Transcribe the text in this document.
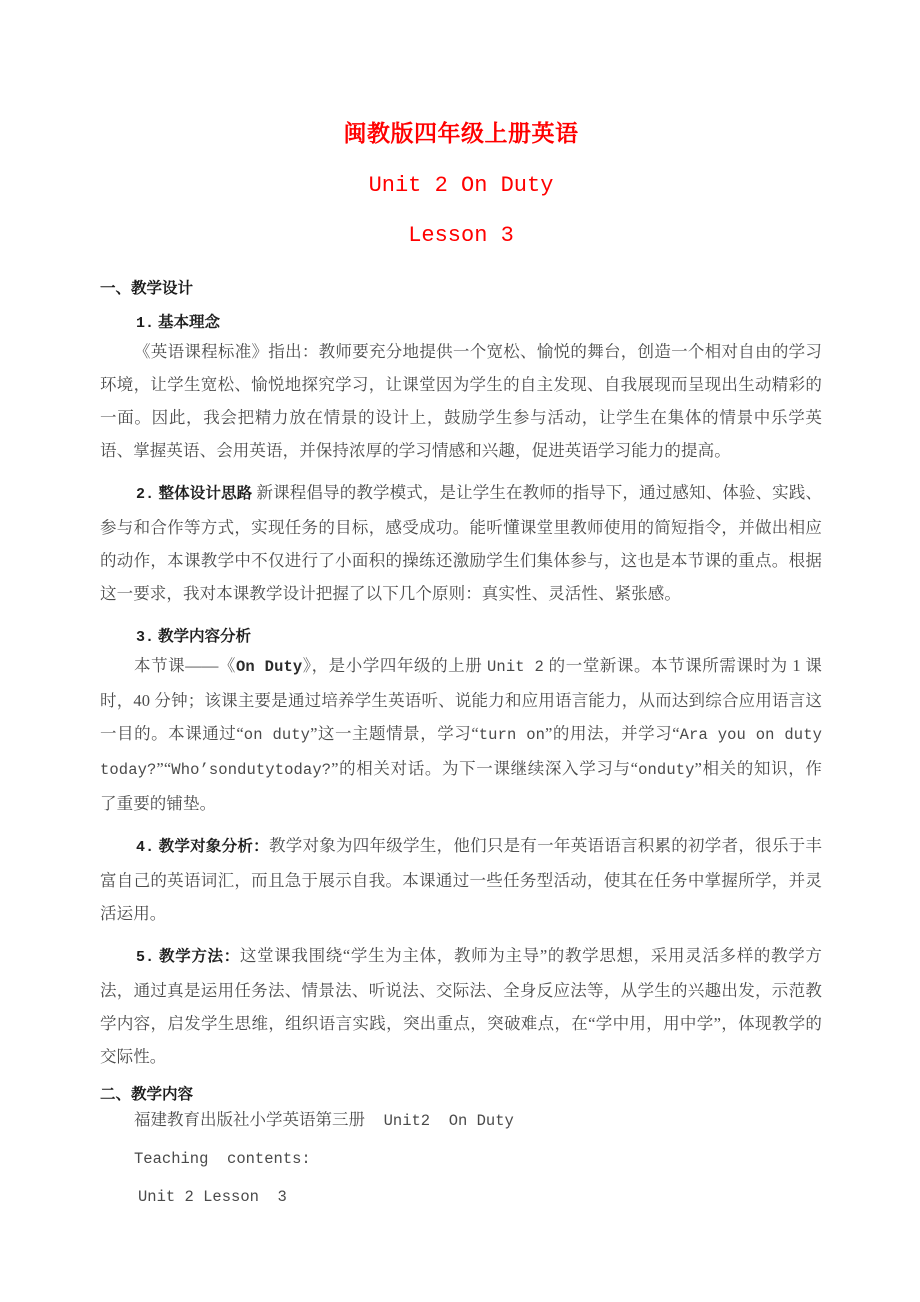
闽教版四年级上册英语
Unit 2 On Duty
Lesson 3
一、教学设计
1. 基本理念

《英语课程标准》指出：教师要充分地提供一个宽松、愉悦的舞台，创造一个相对自由的学习环境，让学生宽松、愉悦地探究学习，让课堂因为学生的自主发现、自我展现而呈现出生动精彩的一面。因此，我会把精力放在情景的设计上，鼓励学生参与活动，让学生在集体的情景中乐学英语、掌握英语、会用英语，并保持浓厚的学习情感和兴趣，促进英语学习能力的提高。

2. 整体设计思路 新课程倡导的教学模式，是让学生在教师的指导下，通过感知、体验、实践、参与和合作等方式，实现任务的目标，感受成功。能听懂课堂里教师使用的简短指令，并做出相应的动作，本课教学中不仅进行了小面积的操练还激励学生们集体参与，这也是本节课的重点。根据这一要求，我对本课教学设计把握了以下几个原则：真实性、灵活性、紧张感。

3. 教学内容分析

本节课——《On Duty》，是小学四年级的上册 Unit 2 的一堂新课。本节课所需课时为 1 课时，40 分钟；该课主要是通过培养学生英语听、说能力和应用语言能力，从而达到综合应用语言这一目的。本课通过“on duty”这一主题情景，学习“turn on”的用法，并学习“Ara you on duty today?”“Who’sondutytoday?”的相关对话。为下一课继续深入学习与“onduty”相关的知识，作了重要的铺垫。

4. 教学对象分析：教学对象为四年级学生，他们只是有一年英语语言积累的初学者，很乐于丰富自己的英语词汇，而且急于展示自我。本课通过一些任务型活动，使其在任务中掌握所学，并灵活运用。

5. 教学方法：这堂课我围绕“学生为主体，教师为主导”的教学思想，采用灵活多样的教学方法，通过真是运用任务法、情景法、听说法、交际法、全身反应法等，从学生的兴趣出发，示范教学内容，启发学生思维，组织语言实践，突出重点，突破难点，在“学中用，用中学”，体现教学的交际性。

二、教学内容
福建教育出版社小学英语第三册  Unit2  On Duty
Teaching  contents:
Unit 2 Lesson  3
